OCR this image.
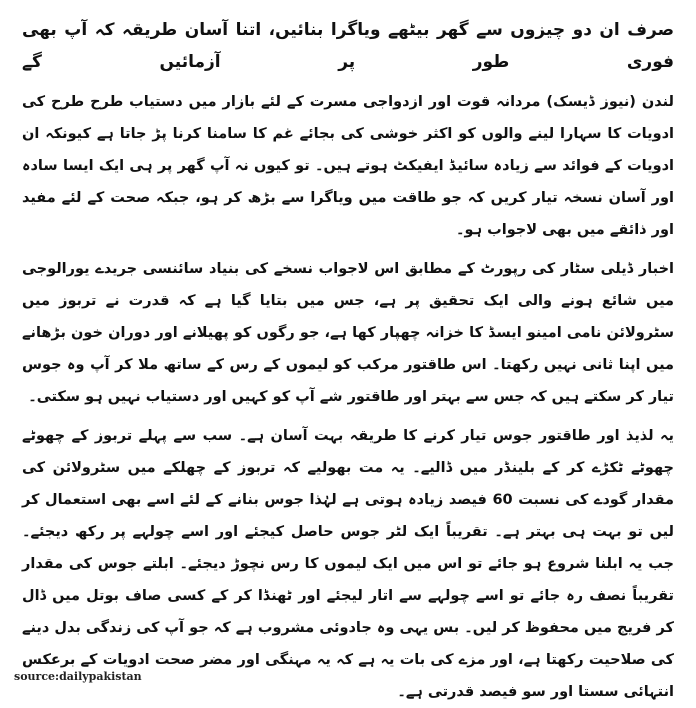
صرف ان دو چیزوں سے گھر بیٹھے ویاگرا بنائیں، اتنا آسان طریقہ کہ آپ بھی فوری طور پر آزمائیں گے

لندن (نیوز ڈیسک) مردانہ قوت اور ازدواجی مسرت کے لئے بازار میں دستیاب طرح طرح کی ادویات کا سہارا لینے والوں کو اکثر خوشی کی بجائے غم کا سامنا کرنا پڑ جاتا ہے کیونکہ ان ادویات کے فوائد سے زیادہ سائیڈ ایفیکٹ ہوتے ہیں۔ تو کیوں نہ آپ گھر پر ہی ایک ایسا سادہ اور آسان نسخہ تیار کریں کہ جو طاقت میں ویاگرا سے بڑھ کر ہو، جبکہ صحت کے لئے مفید اور ذائقے میں بھی لاجواب ہو۔

اخبار ڈیلی سٹار کی رپورٹ کے مطابق اس لاجواب نسخے کی بنیاد سائنسی جریدے یورالوجی میں شائع ہونے والی ایک تحقیق پر ہے، جس میں بتایا گیا ہے کہ قدرت نے تربوز میں سٹرولائن نامی امینو ایسڈ کا خزانہ چھپار کھا ہے، جو رگوں کو پھیلانے اور دوران خون بڑھانے میں اپنا ثانی نہیں رکھتا۔ اس طاقتور مرکب کو لیموں کے رس کے ساتھ ملا کر آپ وہ جوس تیار کر سکتے ہیں کہ جس سے بہتر اور طاقتور شے آپ کو کہیں اور دستیاب نہیں ہو سکتی۔

یہ لذیذ اور طاقتور جوس تیار کرنے کا طریقہ بہت آسان ہے۔ سب سے پہلے تربوز کے چھوٹے چھوٹے ٹکڑے کر کے بلینڈر میں ڈالیے۔ یہ مت بھولیے کہ تربوز کے چھلکے میں سٹرولائن کی مقدار گودے کی نسبت 60 فیصد زیادہ ہوتی ہے لہٰذا جوس بنانے کے لئے اسے بھی استعمال کر لیں تو بہت ہی بہتر ہے۔ تقریباً ایک لٹر جوس حاصل کیجئے اور اسے چولہے پر رکھ دیجئے۔ جب یہ ابلنا شروع ہو جائے تو اس میں ایک لیموں کا رس نچوڑ دیجئے۔ ابلتے جوس کی مقدار تقریباً نصف رہ جائے تو اسے چولہے سے اتار لیجئے اور ٹھنڈا کر کے کسی صاف بوتل میں ڈال کر فریج میں محفوظ کر لیں۔ بس یہی وہ جادوئی مشروب ہے کہ جو آپ کی زندگی بدل دینے کی صلاحیت رکھتا ہے، اور مزے کی بات یہ ہے کہ یہ مہنگی اور مضر صحت ادویات کے برعکس انتہائی سستا اور سو فیصد قدرتی ہے۔

source:dailypakistan
